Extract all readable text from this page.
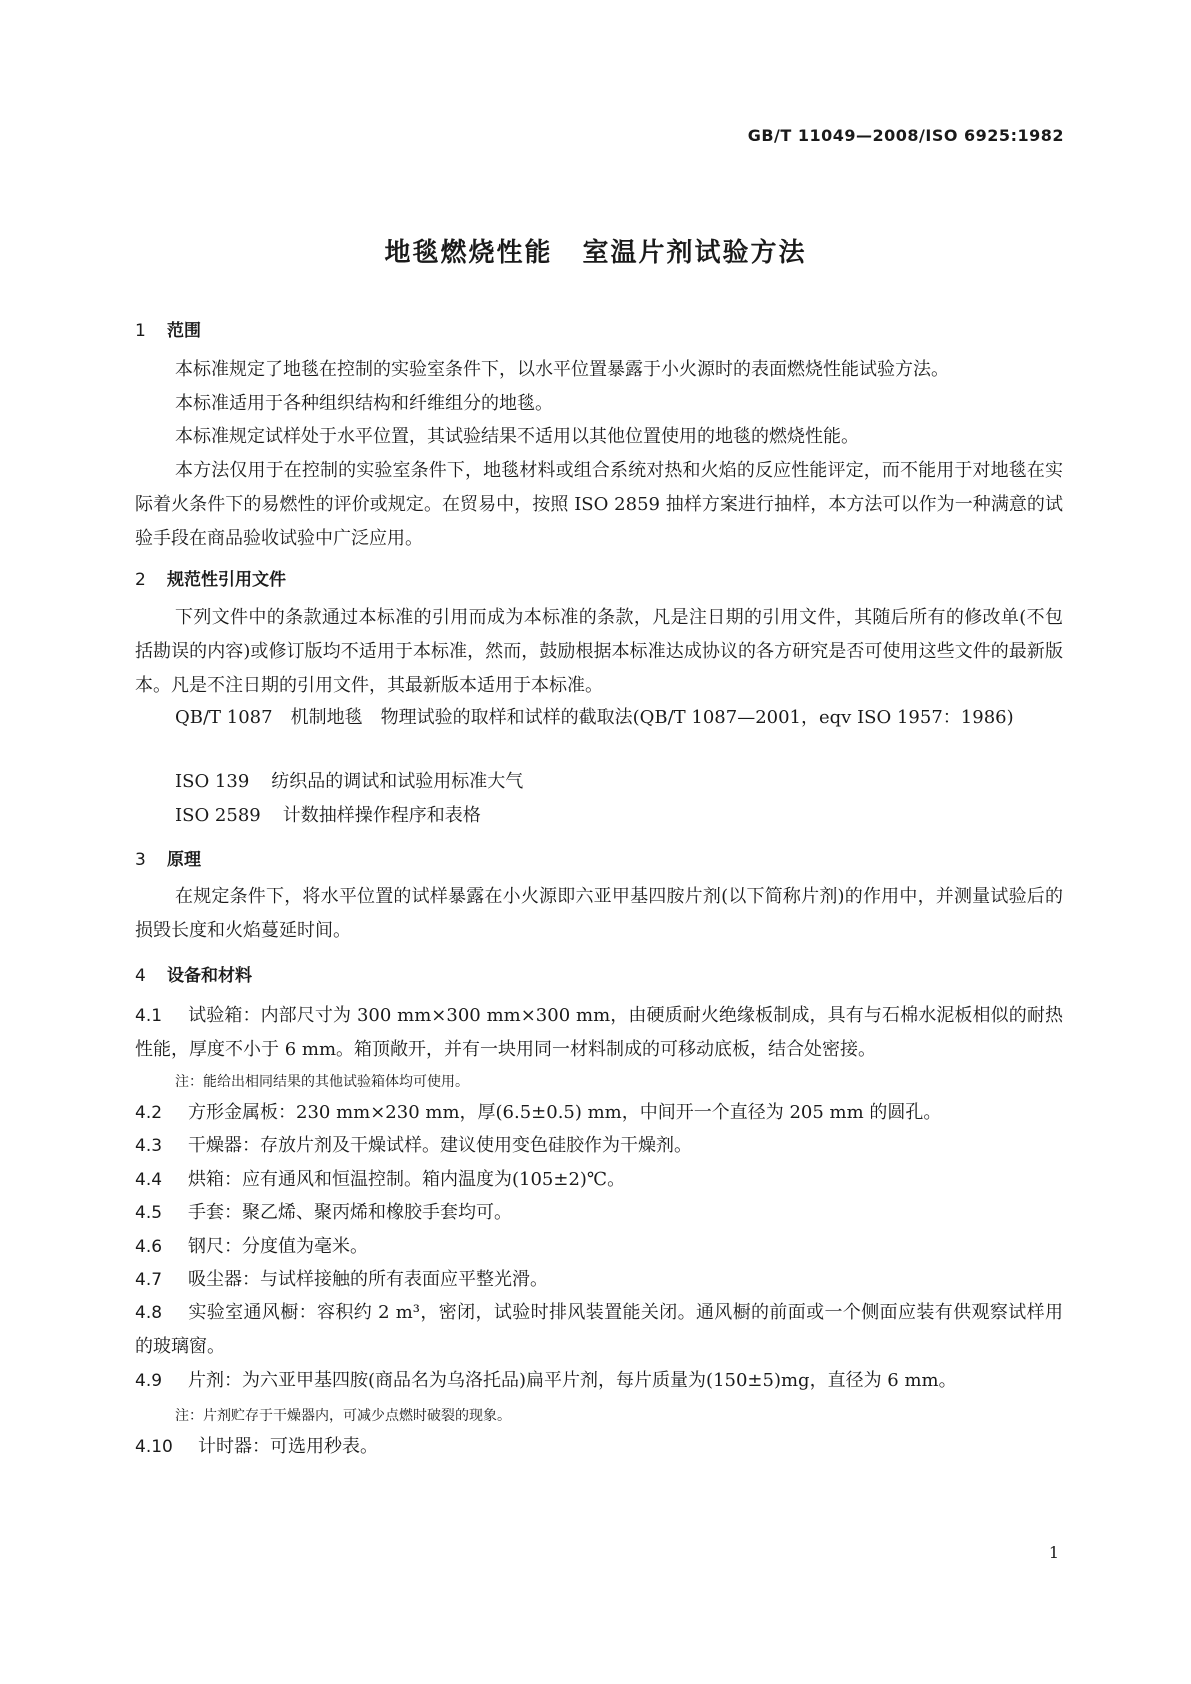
GB/T 11049—2008/ISO 6925:1982
地毯燃烧性能 室温片剂试验方法
1 范围
本标准规定了地毯在控制的实验室条件下，以水平位置暴露于小火源时的表面燃烧性能试验方法。
本标准适用于各种组织结构和纤维组分的地毯。
本标准规定试样处于水平位置，其试验结果不适用以其他位置使用的地毯的燃烧性能。
本方法仅用于在控制的实验室条件下，地毯材料或组合系统对热和火焰的反应性能评定，而不能用于对地毯在实际着火条件下的易燃性的评价或规定。在贸易中，按照 ISO 2859 抽样方案进行抽样，本方法可以作为一种满意的试验手段在商品验收试验中广泛应用。
2 规范性引用文件
下列文件中的条款通过本标准的引用而成为本标准的条款，凡是注日期的引用文件，其随后所有的修改单(不包括勘误的内容)或修订版均不适用于本标准，然而，鼓励根据本标准达成协议的各方研究是否可使用这些文件的最新版本。凡是不注日期的引用文件，其最新版本适用于本标准。
QB/T 1087　机制地毯　物理试验的取样和试样的截取法(QB/T 1087—2001，eqv ISO 1957：1986)
ISO 139 纺织品的调试和试验用标准大气
ISO 2589 计数抽样操作程序和表格
3 原理
在规定条件下，将水平位置的试样暴露在小火源即六亚甲基四胺片剂(以下简称片剂)的作用中，并测量试验后的损毁长度和火焰蔓延时间。
4 设备和材料
4.1 试验箱：内部尺寸为 300 mm×300 mm×300 mm，由硬质耐火绝缘板制成，具有与石棉水泥板相似的耐热性能，厚度不小于 6 mm。箱顶敞开，并有一块用同一材料制成的可移动底板，结合处密接。
注：能给出相同结果的其他试验箱体均可使用。
4.2 方形金属板：230 mm×230 mm，厚(6.5±0.5) mm，中间开一个直径为 205 mm 的圆孔。
4.3 干燥器：存放片剂及干燥试样。建议使用变色硅胶作为干燥剂。
4.4 烘箱：应有通风和恒温控制。箱内温度为(105±2)℃。
4.5 手套：聚乙烯、聚丙烯和橡胶手套均可。
4.6 钢尺：分度值为毫米。
4.7 吸尘器：与试样接触的所有表面应平整光滑。
4.8 实验室通风橱：容积约 2 m³，密闭，试验时排风装置能关闭。通风橱的前面或一个侧面应装有供观察试样用的玻璃窗。
4.9 片剂：为六亚甲基四胺(商品名为乌洛托品)扁平片剂，每片质量为(150±5)mg，直径为 6 mm。
注：片剂贮存于干燥器内，可减少点燃时破裂的现象。
4.10 计时器：可选用秒表。
1
